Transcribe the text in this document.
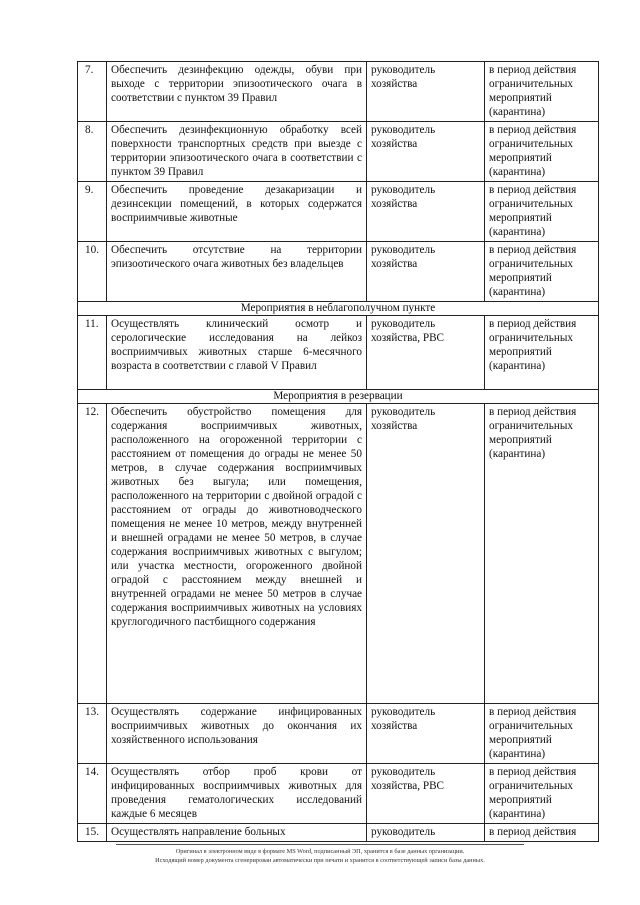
7.	Обеспечить дезинфекцию одежды, обуви при выходе с территории эпизоотического очага в соответствии с пунктом 39 Правил	руководитель хозяйства	в период действия ограничительных мероприятий (карантина)
8.	Обеспечить дезинфекционную обработку всей поверхности транспортных средств при выезде с территории эпизоотического очага в соответствии с пунктом 39 Правил	руководитель хозяйства	в период действия ограничительных мероприятий (карантина)
9.	Обеспечить проведение дезакаризации и дезинсекции помещений, в которых содержатся восприимчивые животные	руководитель хозяйства	в период действия ограничительных мероприятий (карантина)
10.	Обеспечить отсутствие на территории эпизоотического очага животных без владельцев	руководитель хозяйства	в период действия ограничительных мероприятий (карантина)
Мероприятия в неблагополучном пункте			
11.	Осуществлять клинический осмотр и серологические исследования на лейкоз восприимчивых животных старше 6-месячного возраста в соответствии с главой V Правил	руководитель хозяйства, РВС	в период действия ограничительных мероприятий (карантина)
Мероприятия в резервации			
12.	Обеспечить обустройство помещения для содержания восприимчивых животных, расположенного на огороженной территории с расстоянием от помещения до ограды не менее 50 метров, в случае содержания восприимчивых животных без выгула; или помещения, расположенного на территории с двойной оградой с расстоянием от ограды до животноводческого помещения не менее 10 метров, между внутренней и внешней оградами не менее 50 метров, в случае содержания восприимчивых животных с выгулом; или участка местности, огороженного двойной оградой с расстоянием между внешней и внутренней оградами не менее 50 метров в случае содержания восприимчивых животных на условиях круглогодичного пастбищного содержания	руководитель хозяйства	в период действия ограничительных мероприятий (карантина)
13.	Осуществлять содержание инфицированных восприимчивых животных до окончания их хозяйственного использования	руководитель хозяйства	в период действия ограничительных мероприятий (карантина)
14.	Осуществлять отбор проб крови от инфицированных восприимчивых животных для проведения гематологических исследований каждые 6 месяцев	руководитель хозяйства, РВС	в период действия ограничительных мероприятий (карантина)
15.	Осуществлять направление больных	руководитель	в период действия
Оригинал в электронном виде в формате MS Word, подписанный ЭП, хранится в базе данных организации.
Исходящий номер документа сгенерирован автоматически при печати и хранится в соответствующей записи базы данных.
